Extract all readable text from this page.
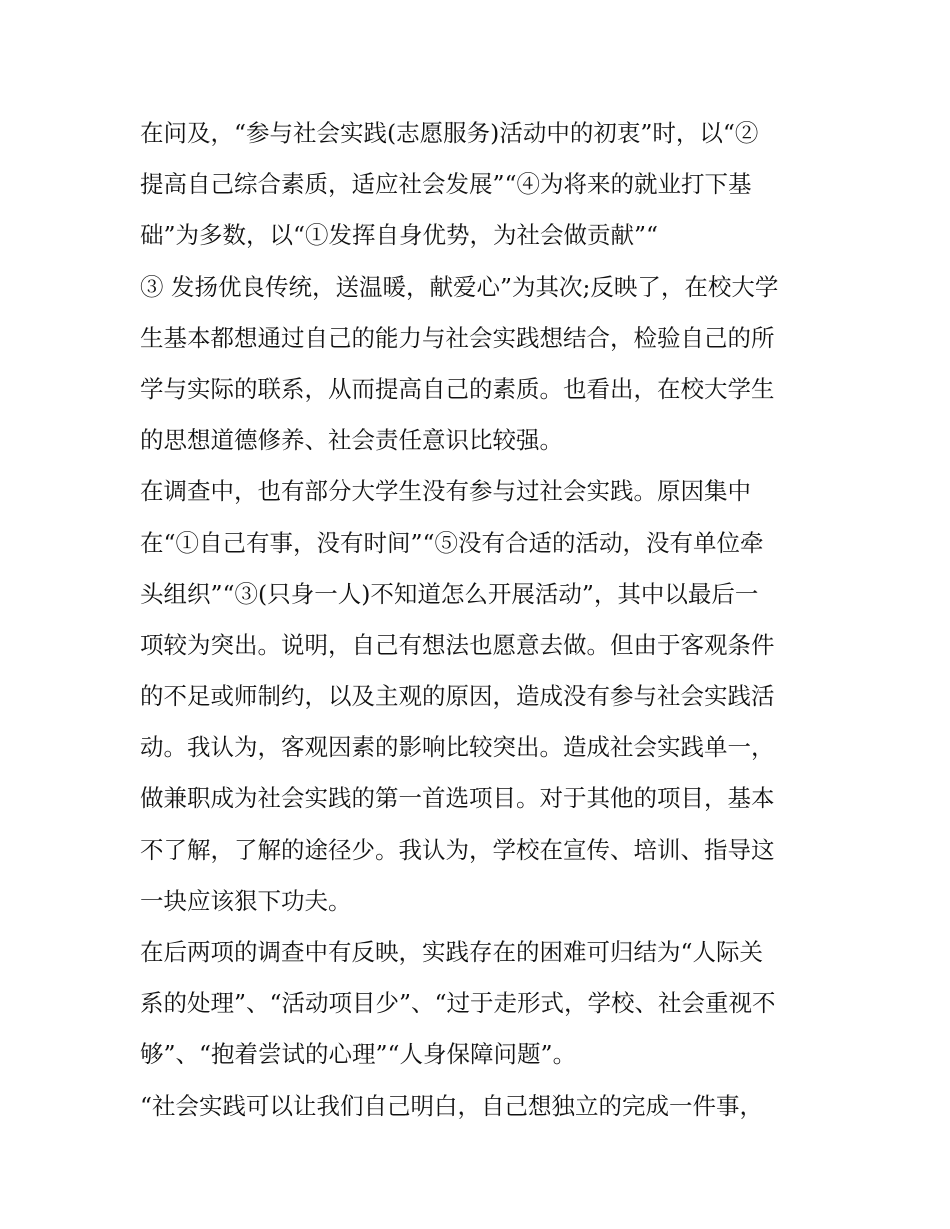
在问及，“参与社会实践(志愿服务)活动中的初衷”时，以“②
提高自己综合素质，适应社会发展”“④为将来的就业打下基
础”为多数，以“①发挥自身优势，为社会做贡献”“
③ 发扬优良传统，送温暖，献爱心”为其次;反映了，在校大学
生基本都想通过自己的能力与社会实践想结合，检验自己的所
学与实际的联系，从而提高自己的素质。也看出，在校大学生
的思想道德修养、社会责任意识比较强。
在调查中，也有部分大学生没有参与过社会实践。原因集中
在“①自己有事，没有时间”“⑤没有合适的活动，没有单位牵
头组织”“③(只身一人)不知道怎么开展活动”，其中以最后一
项较为突出。说明，自己有想法也愿意去做。但由于客观条件
的不足或师制约，以及主观的原因，造成没有参与社会实践活
动。我认为，客观因素的影响比较突出。造成社会实践单一，
做兼职成为社会实践的第一首选项目。对于其他的项目，基本
不了解，了解的途径少。我认为，学校在宣传、培训、指导这
一块应该狠下功夫。
在后两项的调查中有反映，实践存在的困难可归结为“人际关
系的处理”、“活动项目少”、“过于走形式，学校、社会重视不
够”、“抱着尝试的心理”“人身保障问题”。
“社会实践可以让我们自己明白，自己想独立的完成一件事，
